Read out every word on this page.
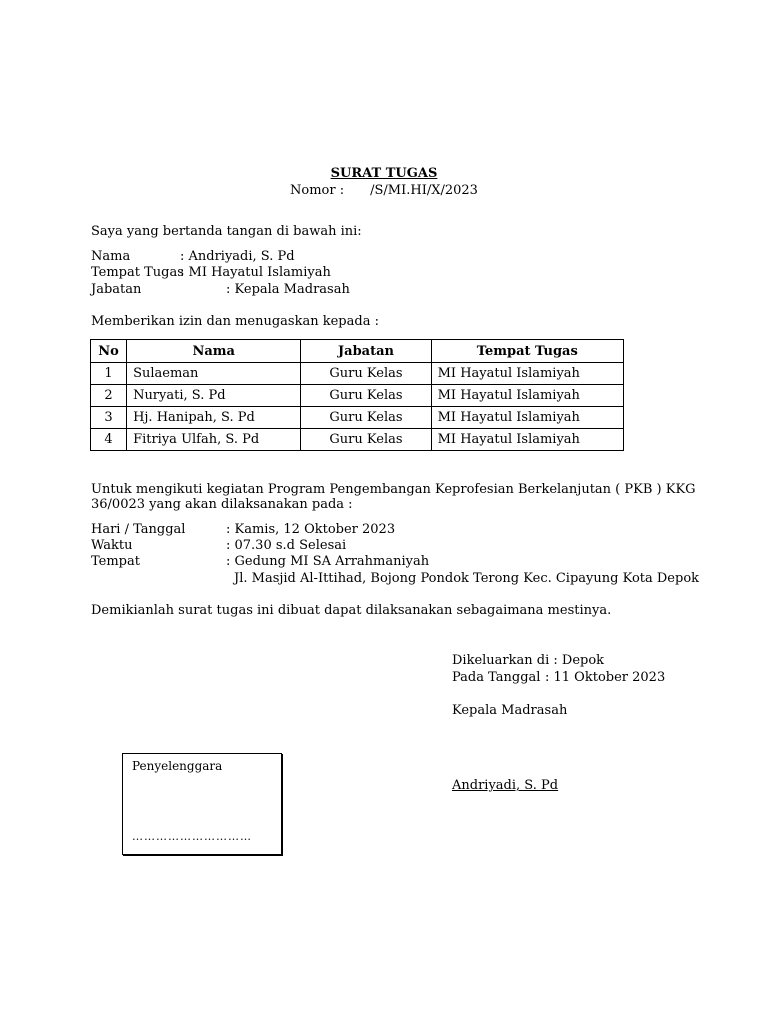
SURAT TUGAS
Nomor : /S/MI.HI/X/2023
Saya yang bertanda tangan di bawah ini:
Nama	: Andriyadi, S. Pd
Tempat Tugas
: MI Hayatul Islamiyah
Jabatan	: Kepala Madrasah
Memberikan izin dan menugaskan kepada :
No	Nama	Jabatan	Tempat Tugas
1	Sulaeman	Guru Kelas	MI Hayatul Islamiyah
2	Nuryati, S. Pd	Guru Kelas	MI Hayatul Islamiyah
3	Hj. Hanipah, S. Pd	Guru Kelas	MI Hayatul Islamiyah
4	Fitriya Ulfah, S. Pd	Guru Kelas	MI Hayatul Islamiyah
Untuk mengikuti kegiatan Program Pengembangan Keprofesian Berkelanjutan ( PKB ) KKG
36/0023 yang akan dilaksanakan pada :
Hari / Tanggal	: Kamis, 12 Oktober 2023
Waktu	: 07.30 s.d Selesai
Tempat	: Gedung MI SA Arrahmaniyah
Jl. Masjid Al-Ittihad, Bojong Pondok Terong Kec. Cipayung Kota Depok
Demikianlah surat tugas ini dibuat dapat dilaksanakan sebagaimana mestinya.
Dikeluarkan di : Depok
Pada Tanggal : 11 Oktober 2023
Kepala Madrasah
Andriyadi, S. Pd
Penyelenggara
…………………………
